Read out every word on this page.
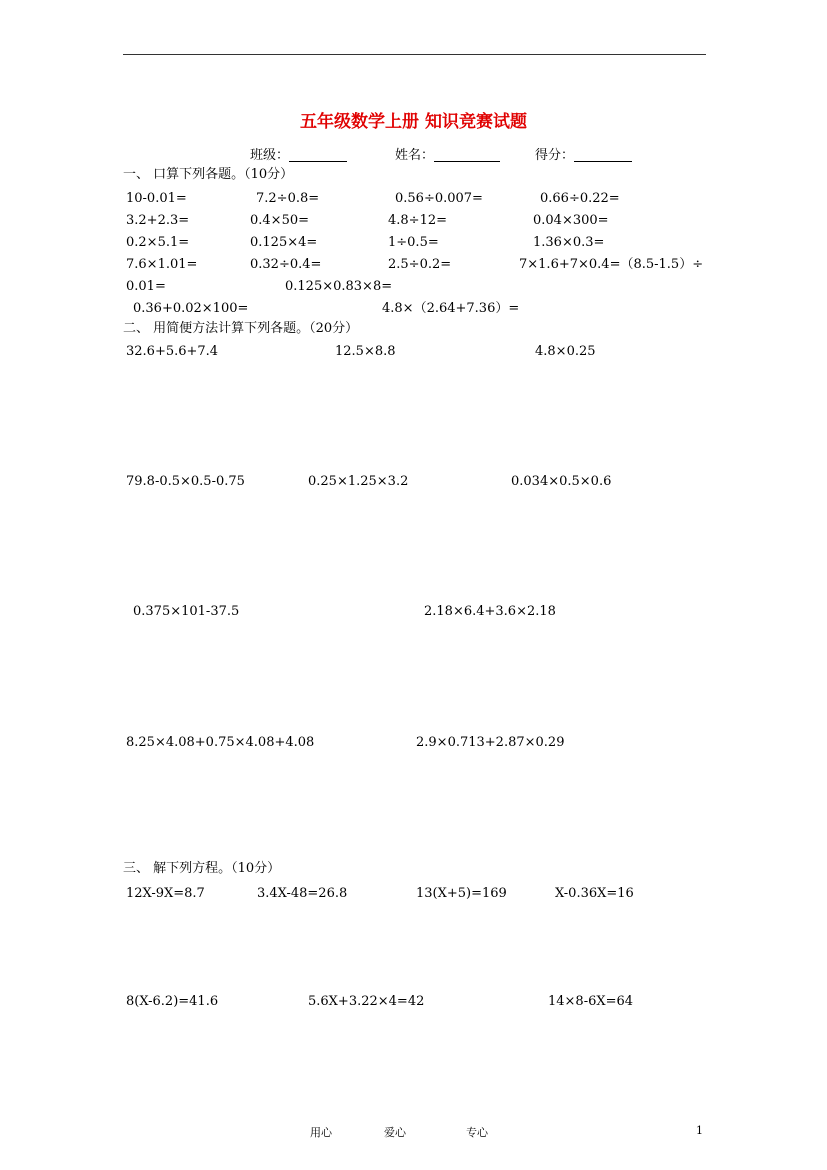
五年级数学上册 知识竞赛试题
班级：	姓名：	得分：
一、 口算下列各题。（10分）
10-0.01=	7.2÷0.8=	0.56÷0.007=	0.66÷0.22=
3.2+2.3=	0.4×50=	4.8÷12=	0.04×300=
0.2×5.1=	0.125×4=	1÷0.5=	1.36×0.3=
7.6×1.01=	0.32÷0.4=	2.5÷0.2=	7×1.6+7×0.4=（8.5-1.5）÷
0.01=	0.125×0.83×8=
0.36+0.02×100=	4.8×（2.64+7.36）=
二、 用简便方法计算下列各题。（20分）
32.6+5.6+7.4	12.5×8.8	4.8×0.25
79.8-0.5×0.5-0.75	0.25×1.25×3.2	0.034×0.5×0.6
0.375×101-37.5	2.18×6.4+3.6×2.18
8.25×4.08+0.75×4.08+4.08	2.9×0.713+2.87×0.29
三、 解下列方程。（10分）
12X-9X=8.7	3.4X-48=26.8	13(X+5)=169	X-0.36X=16
8(X-6.2)=41.6	5.6X+3.22×4=42	14×8-6X=64
用心	爱心	专心	1
